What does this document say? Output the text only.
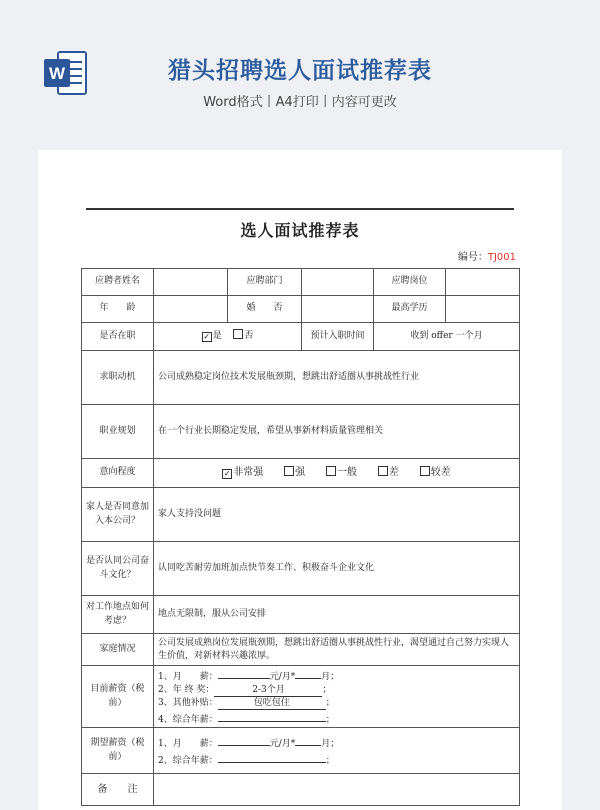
W	猎头招聘选人面试推荐表
Word格式丨A4打印丨内容可更改
选人面试推荐表
编号：TJ001
应聘者姓名		应聘部门		应聘岗位	
年　　龄		婚　　否		最高学历	
是否在职	✓ 是 否		预计入职时间	收到 offer 一个月	
求职动机	公司成熟稳定岗位技术发展瓶颈期，想跳出舒适圈从事挑战性行业				
职业规划	在一个行业长期稳定发展，希望从事新材料质量管理相关				
意向程度	✓ 非常强 强 一般 差 较差				
家人是否同意加入本公司？	家人支持没问题				
是否认同公司奋斗文化？	认同吃苦耐劳加班加点快节奏工作、积极奋斗企业文化				
对工作地点如何考虑？	地点无限制，服从公司安排				
家庭情况	公司发展成熟岗位发展瓶颈期，想跳出舒适圈从事挑战性行业，渴望通过自己努力实现人生价值，对新材料兴趣浓厚。				
目前薪资（税前）	1、月　　薪： 元/月* 月；
2、年 终 奖： 2-3个月 ；
3、其他补贴： 包吃包住 ；
4、综合年薪： ；				

期望薪资（税前）	1、月　　薪： 元/月* 月；
2、综合年薪： ；				

备　　注					
